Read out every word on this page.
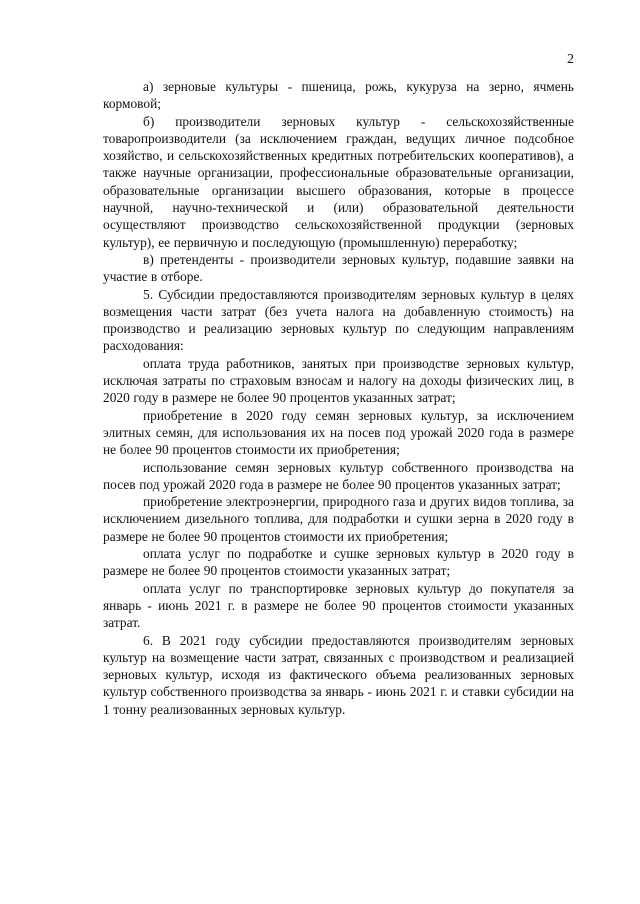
2

а) зерновые культуры - пшеница, рожь, кукуруза на зерно, ячмень кормовой;

б) производители зерновых культур - сельскохозяйственные товаропроизводители (за исключением граждан, ведущих личное подсобное хозяйство, и сельскохозяйственных кредитных потребительских кооперативов), а также научные организации, профессиональные образовательные организации, образовательные организации высшего образования, которые в процессе научной, научно-технической и (или) образовательной деятельности осуществляют производство сельскохозяйственной продукции (зерновых культур), ее первичную и последующую (промышленную) переработку;

в) претенденты - производители зерновых культур, подавшие заявки на участие в отборе.

5. Субсидии предоставляются производителям зерновых культур в целях возмещения части затрат (без учета налога на добавленную стоимость) на производство и реализацию зерновых культур по следующим направлениям расходования:

оплата труда работников, занятых при производстве зерновых культур, исключая затраты по страховым взносам и налогу на доходы физических лиц, в 2020 году в размере не более 90 процентов указанных затрат;

приобретение в 2020 году семян зерновых культур, за исключением элитных семян, для использования их на посев под урожай 2020 года в размере не более 90 процентов стоимости их приобретения;

использование семян зерновых культур собственного производства на посев под урожай 2020 года в размере не более 90 процентов указанных затрат;

приобретение электроэнергии, природного газа и других видов топлива, за исключением дизельного топлива, для подработки и сушки зерна в 2020 году в размере не более 90 процентов стоимости их приобретения;

оплата услуг по подработке и сушке зерновых культур в 2020 году в размере не более 90 процентов стоимости указанных затрат;

оплата услуг по транспортировке зерновых культур до покупателя за январь - июнь 2021 г. в размере не более 90 процентов стоимости указанных затрат.

6. В 2021 году субсидии предоставляются производителям зерновых культур на возмещение части затрат, связанных с производством и реализацией зерновых культур, исходя из фактического объема реализованных зерновых культур собственного производства за январь - июнь 2021 г. и ставки субсидии на 1 тонну реализованных зерновых культур.
